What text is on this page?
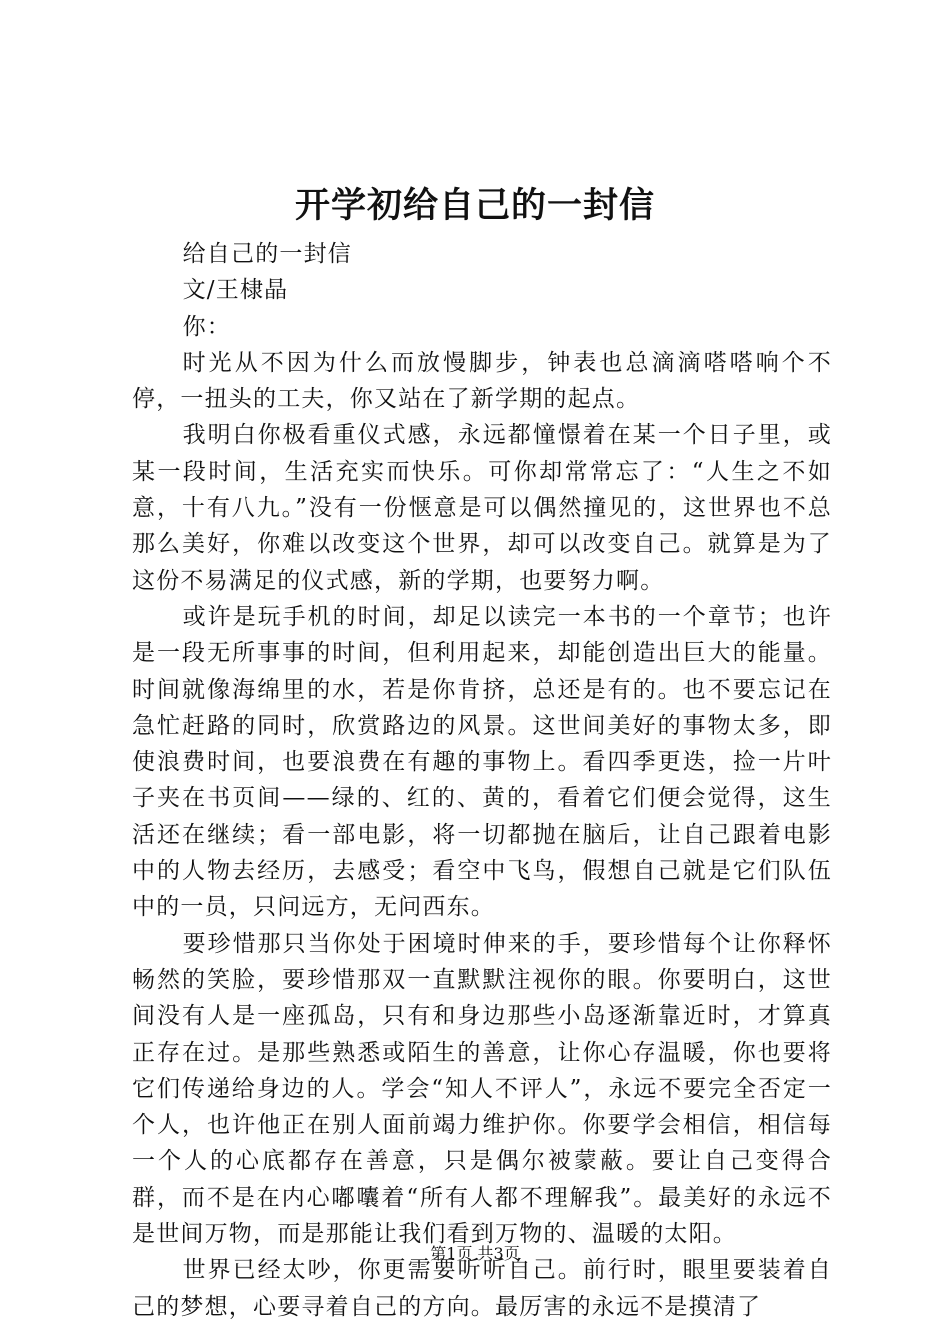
开学初给自己的一封信

给自己的一封信

文/王棣晶

你：

时光从不因为什么而放慢脚步，钟表也总滴滴嗒嗒响个不停，一扭头的工夫，你又站在了新学期的起点。

我明白你极看重仪式感，永远都憧憬着在某一个日子里，或某一段时间，生活充实而快乐。可你却常常忘了：“人生之不如意，十有八九。”没有一份惬意是可以偶然撞见的，这世界也不总那么美好，你难以改变这个世界，却可以改变自己。就算是为了这份不易满足的仪式感，新的学期，也要努力啊。

或许是玩手机的时间，却足以读完一本书的一个章节；也许是一段无所事事的时间，但利用起来，却能创造出巨大的能量。时间就像海绵里的水，若是你肯挤，总还是有的。也不要忘记在急忙赶路的同时，欣赏路边的风景。这世间美好的事物太多，即使浪费时间，也要浪费在有趣的事物上。看四季更迭，捡一片叶子夹在书页间——绿的、红的、黄的，看着它们便会觉得，这生活还在继续；看一部电影，将一切都抛在脑后，让自己跟着电影中的人物去经历，去感受；看空中飞鸟，假想自己就是它们队伍中的一员，只问远方，无问西东。

要珍惜那只当你处于困境时伸来的手，要珍惜每个让你释怀畅然的笑脸，要珍惜那双一直默默注视你的眼。你要明白，这世间没有人是一座孤岛，只有和身边那些小岛逐渐靠近时，才算真正存在过。是那些熟悉或陌生的善意，让你心存温暖，你也要将它们传递给身边的人。学会“知人不评人”，永远不要完全否定一个人，也许他正在别人面前竭力维护你。你要学会相信，相信每一个人的心底都存在善意，只是偶尔被蒙蔽。要让自己变得合群，而不是在内心嘟囔着“所有人都不理解我”。最美好的永远不是世间万物，而是那能让我们看到万物的、温暖的太阳。

世界已经太吵，你更需要听听自己。前行时，眼里要装着自己的梦想，心要寻着自己的方向。最厉害的永远不是摸清了

第1页 共3页
